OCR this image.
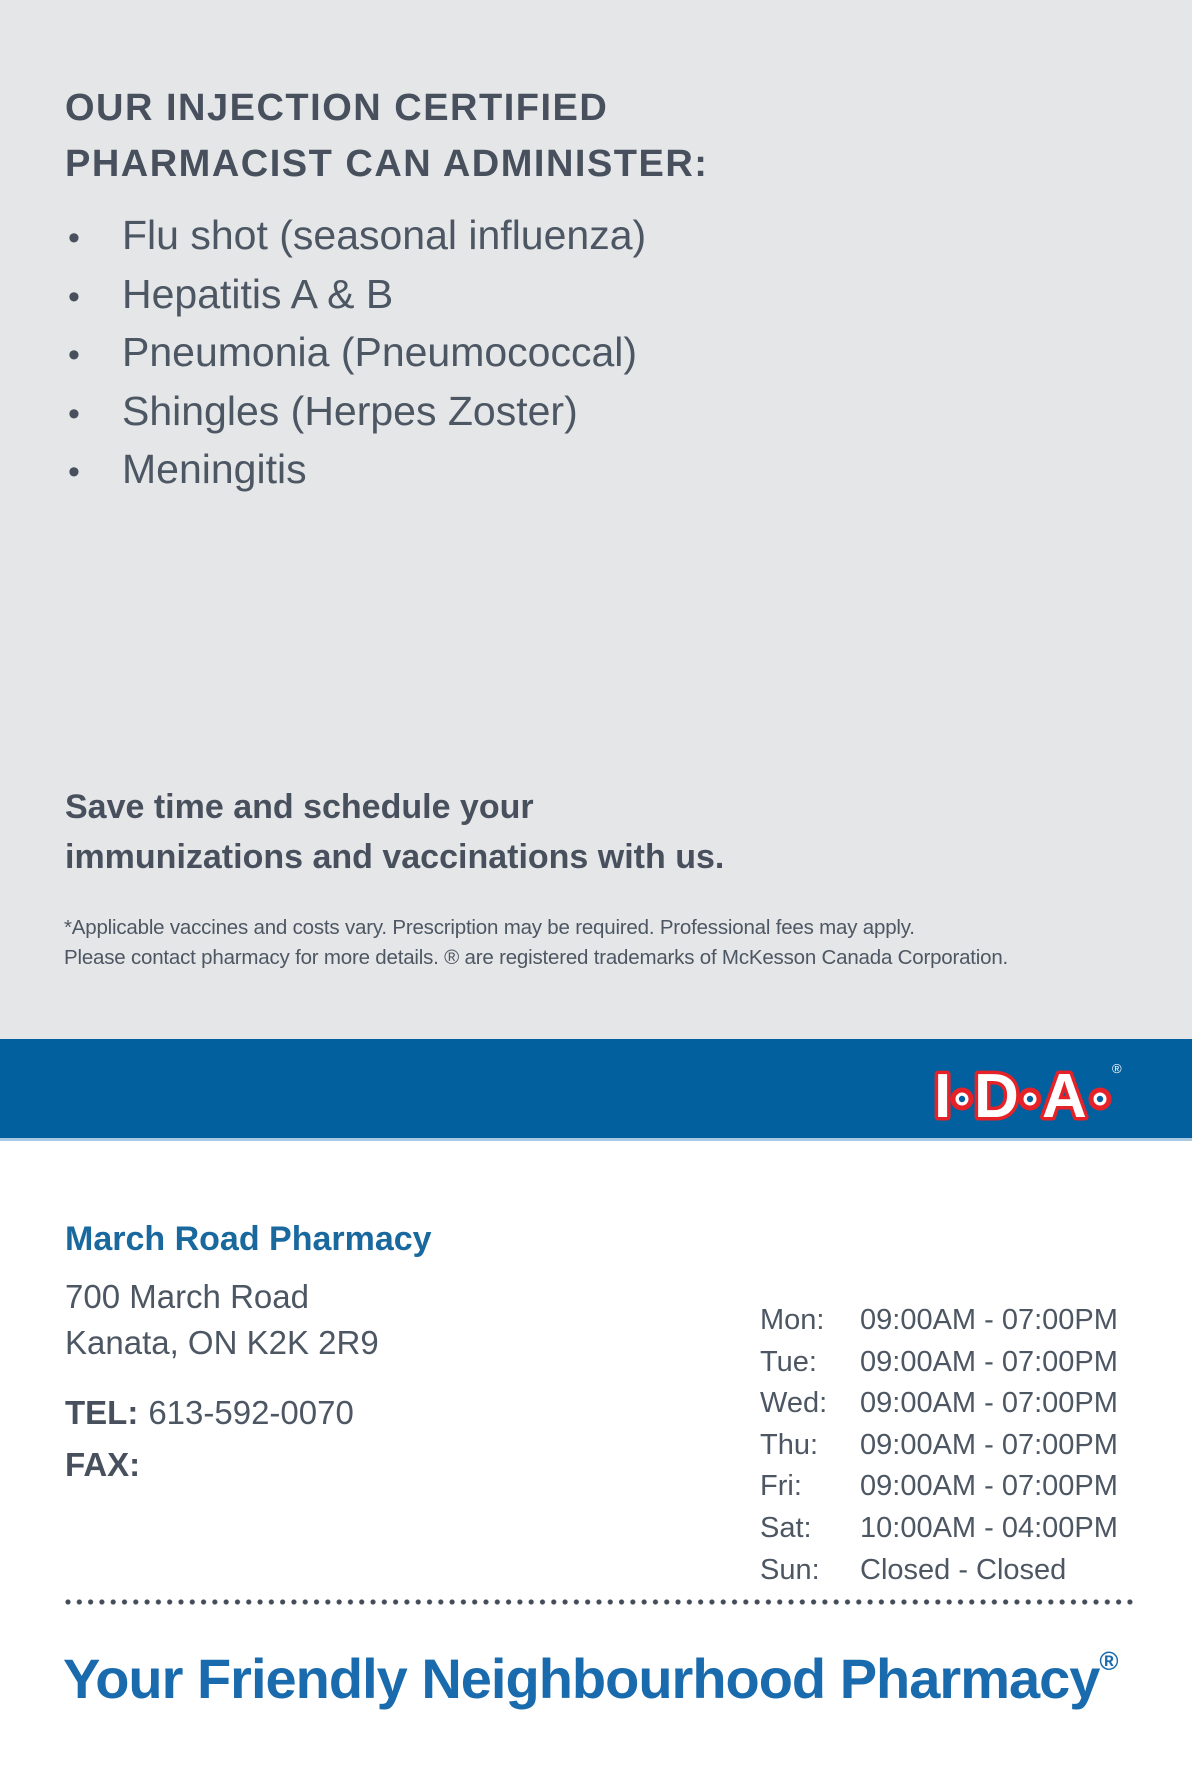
OUR INJECTION CERTIFIED
PHARMACIST CAN ADMINISTER:
•	Flu shot (seasonal influenza)
•	Hepatitis A & B
•	Pneumonia (Pneumococcal)
•	Shingles (Herpes Zoster)
•	Meningitis
Save time and schedule your
immunizations and vaccinations with us.
*Applicable vaccines and costs vary. Prescription may be required. Professional fees may apply.
Please contact pharmacy for more details. ® are registered trademarks of McKesson Canada Corporation.
I D A ®
March Road Pharmacy
700 March Road
Kanata, ON K2K 2R9
TEL: 613-592-0070
FAX:
Mon:	09:00AM - 07:00PM
Tue:	09:00AM - 07:00PM
Wed:	09:00AM - 07:00PM
Thu:	09:00AM - 07:00PM
Fri:	09:00AM - 07:00PM
Sat:	10:00AM - 04:00PM
Sun:	Closed - Closed
Your Friendly Neighbourhood Pharmacy®
